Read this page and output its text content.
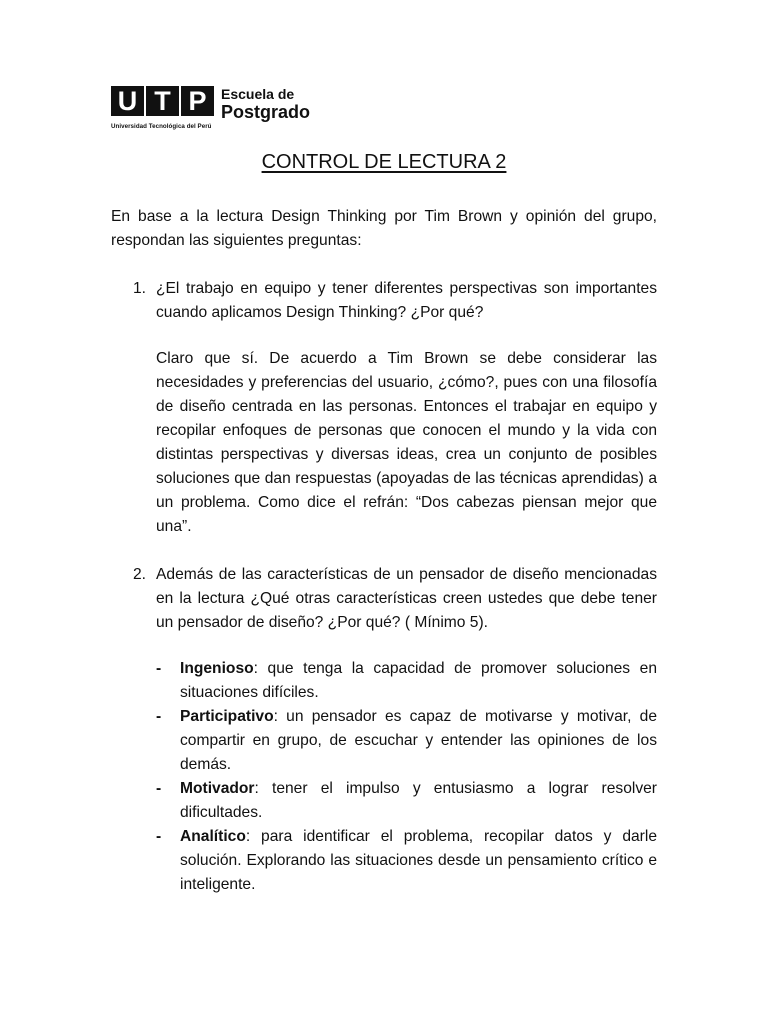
U T P	Escuela de
Postgrado
Universidad Tecnológica del Perú
CONTROL DE LECTURA 2
En base a la lectura Design Thinking por Tim Brown y opinión del grupo, respondan las siguientes preguntas:
1. ¿El trabajo en equipo y tener diferentes perspectivas son importantes cuando aplicamos Design Thinking? ¿Por qué?
Claro que sí. De acuerdo a Tim Brown se debe considerar las necesidades y preferencias del usuario, ¿cómo?, pues con una filosofía de diseño centrada en las personas. Entonces el trabajar en equipo y recopilar enfoques de personas que conocen el mundo y la vida con distintas perspectivas y diversas ideas, crea un conjunto de posibles soluciones que dan respuestas (apoyadas de las técnicas aprendidas) a un problema. Como dice el refrán: “Dos cabezas piensan mejor que una”.
2. Además de las características de un pensador de diseño mencionadas en la lectura ¿Qué otras características creen ustedes que debe tener un pensador de diseño? ¿Por qué? ( Mínimo 5).
- Ingenioso: que tenga la capacidad de promover soluciones en situaciones difíciles.
- Participativo: un pensador es capaz de motivarse y motivar, de compartir en grupo, de escuchar y entender las opiniones de los demás.
- Motivador: tener el impulso y entusiasmo a lograr resolver dificultades.
- Analítico: para identificar el problema, recopilar datos y darle solución. Explorando las situaciones desde un pensamiento crítico e inteligente.
